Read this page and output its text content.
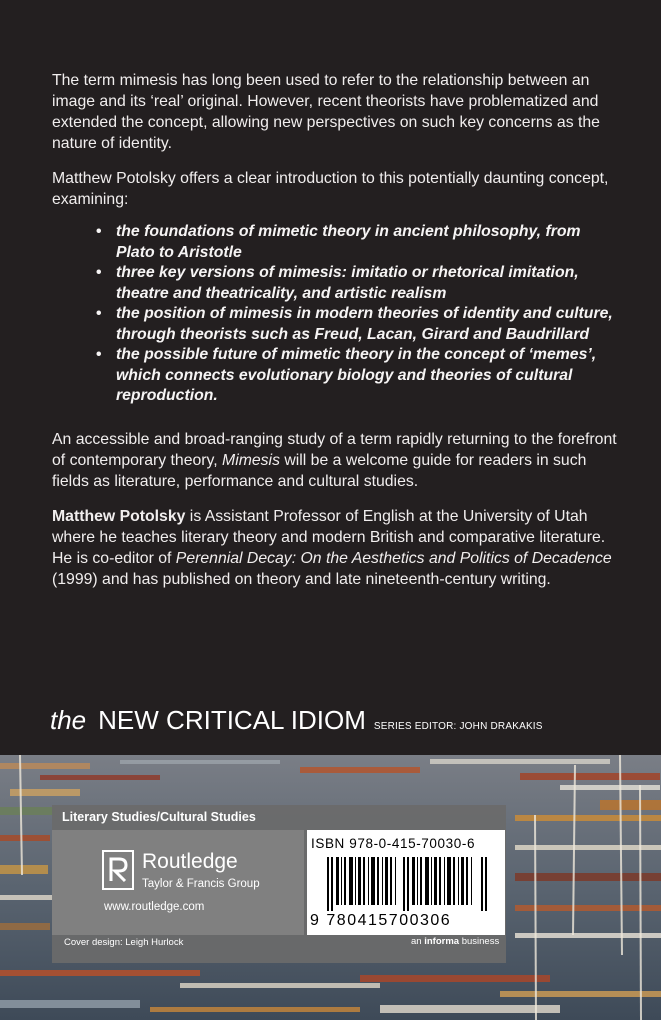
The term mimesis has long been used to refer to the relationship between an image and its ‘real’ original. However, recent theorists have problematized and extended the concept, allowing new perspectives on such key concerns as the nature of identity.

Matthew Potolsky offers a clear introduction to this potentially daunting concept, examining:

• the foundations of mimetic theory in ancient philosophy, from Plato to Aristotle
• three key versions of mimesis: imitatio or rhetorical imitation, theatre and theatricality, and artistic realism
• the position of mimesis in modern theories of identity and culture, through theorists such as Freud, Lacan, Girard and Baudrillard
• the possible future of mimetic theory in the concept of ‘memes’, which connects evolutionary biology and theories of cultural reproduction.

An accessible and broad-ranging study of a term rapidly returning to the forefront of contemporary theory, Mimesis will be a welcome guide for readers in such fields as literature, performance and cultural studies.

Matthew Potolsky is Assistant Professor of English at the University of Utah where he teaches literary theory and modern British and comparative literature. He is co-editor of Perennial Decay: On the Aesthetics and Politics of Decadence (1999) and has published on theory and late nineteenth-century writing.

the NEW CRITICAL IDIOM SERIES EDITOR: JOHN DRAKAKIS
Literary Studies/Cultural Studies
Routledge
Taylor & Francis Group
www.routledge.com
ISBN 978-0-415-70030-6
9 780415700306
Cover design: Leigh Hurlock	an informa business
